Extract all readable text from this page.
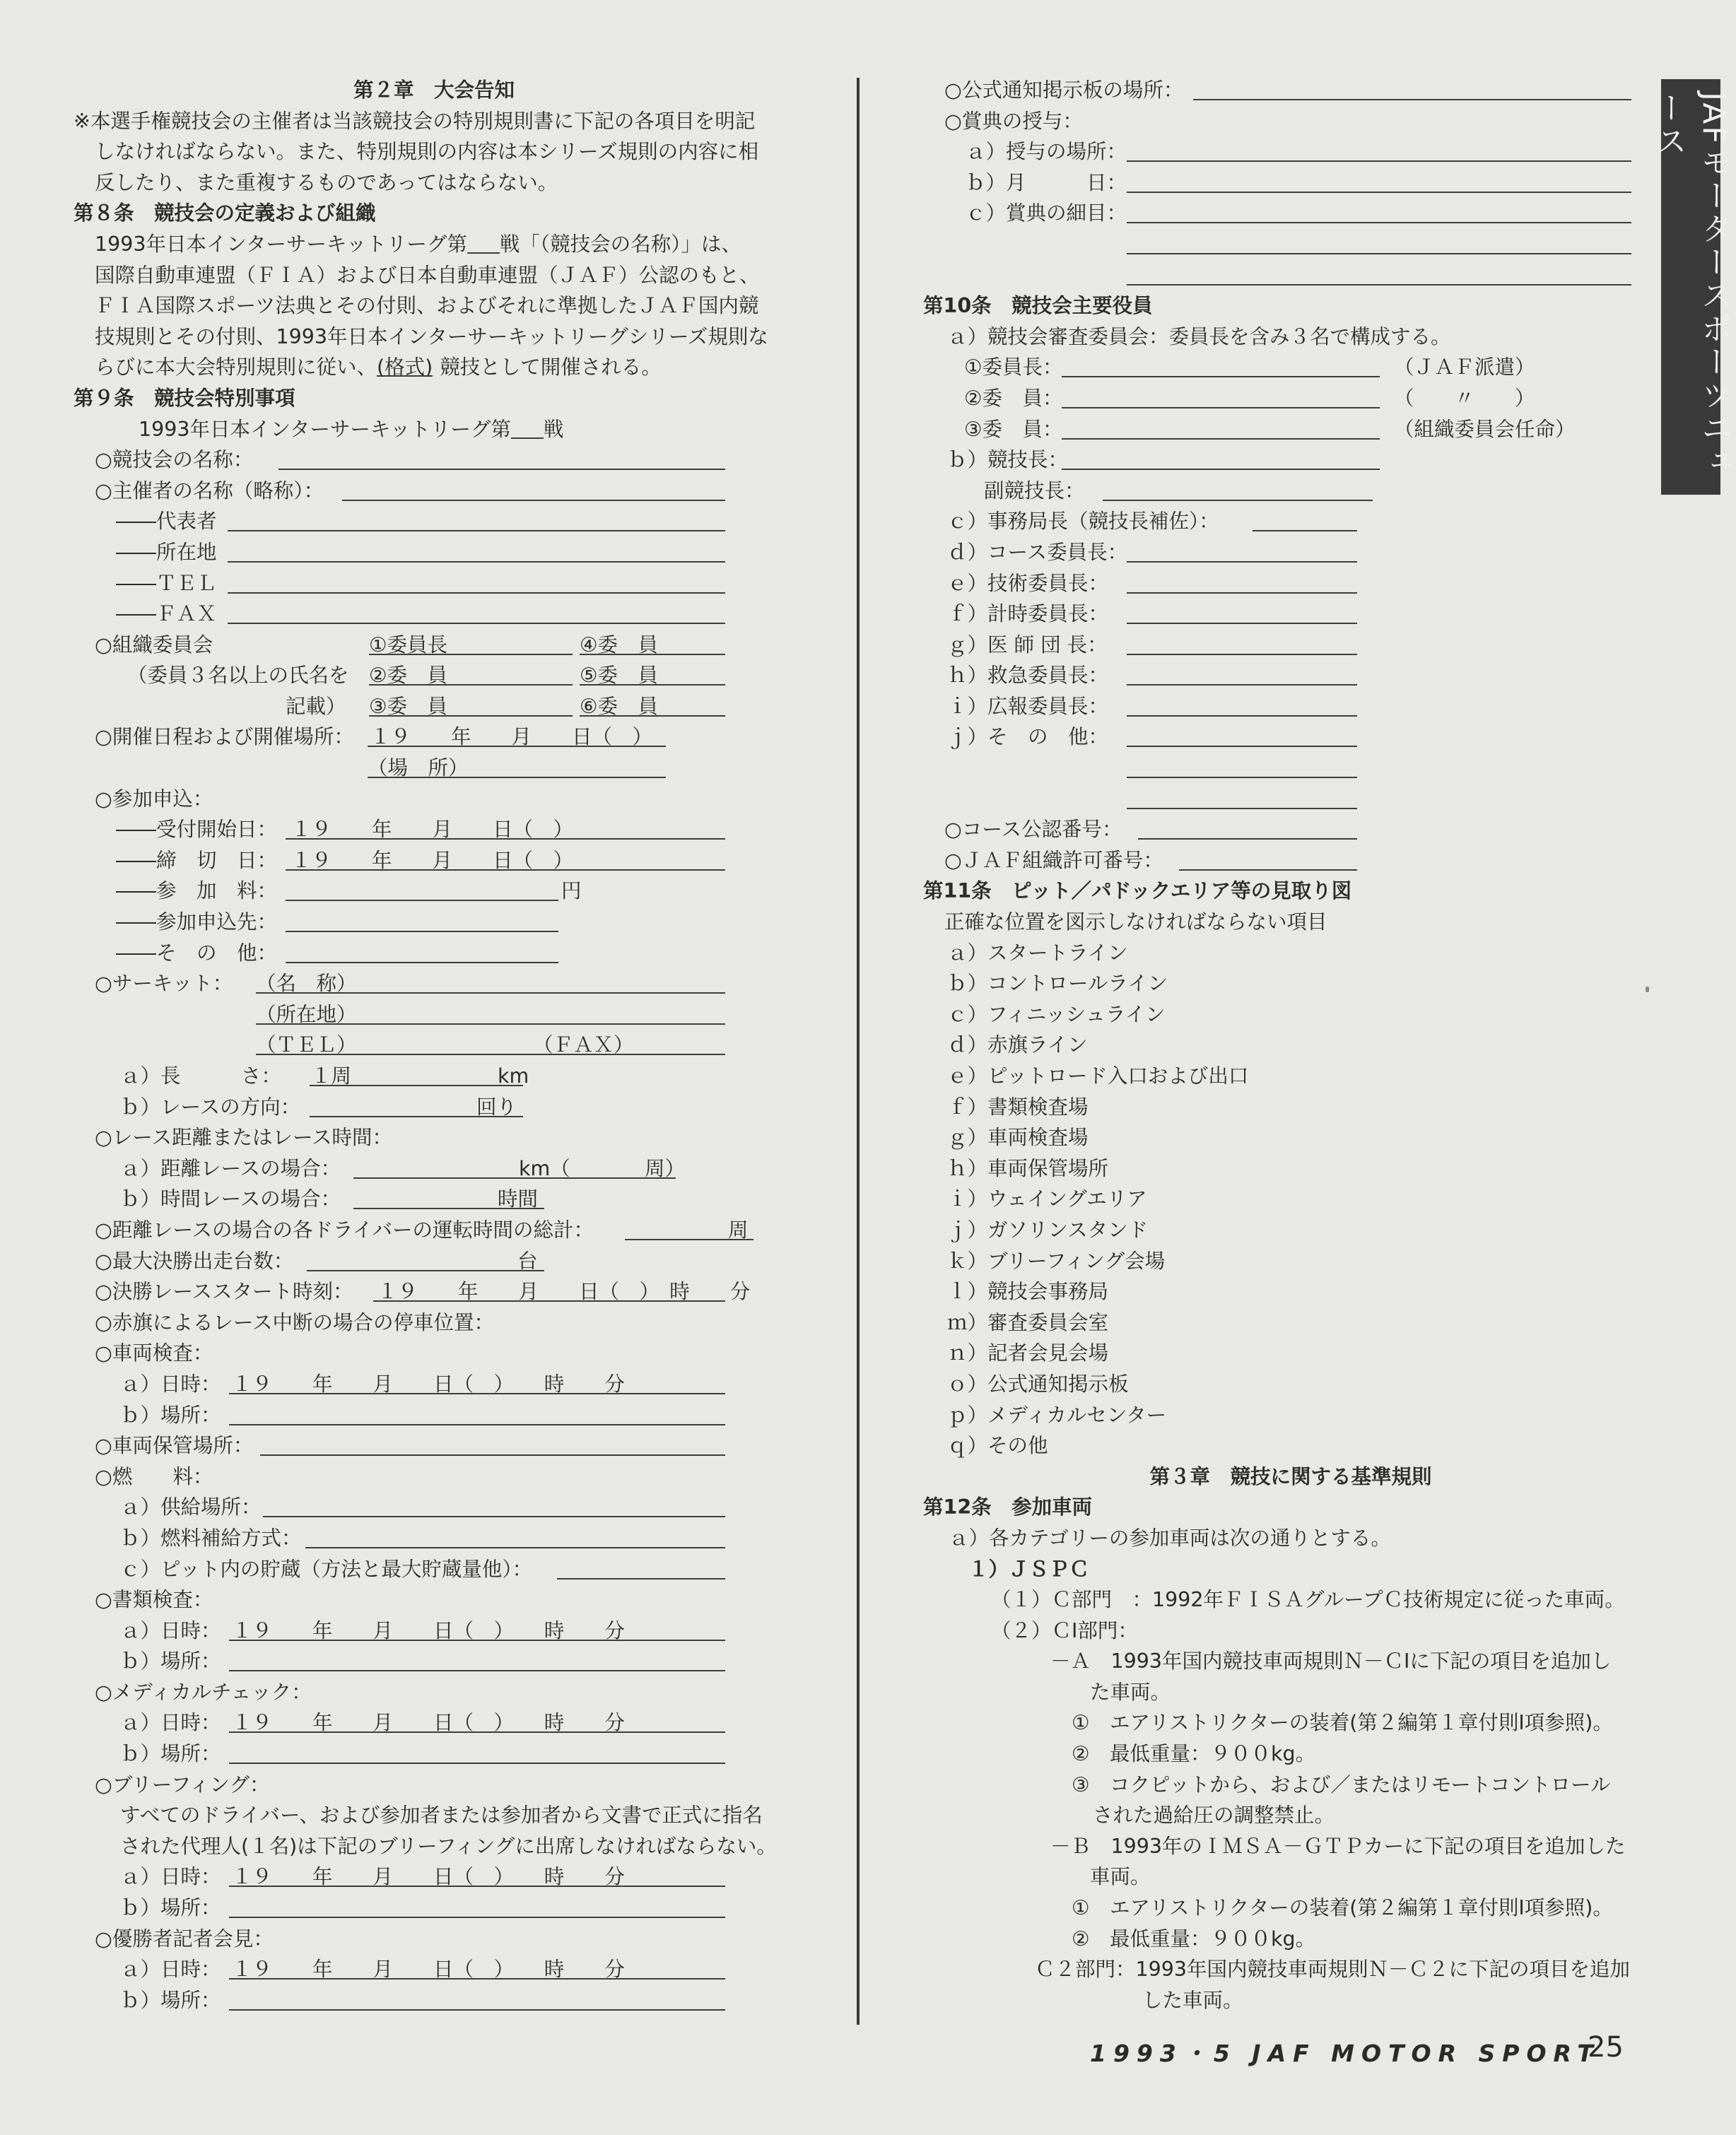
JAFモータースポーツニュース
第２章　大会告知
※本選手権競技会の主催者は当該競技会の特別規則書に下記の各項目を明記
しなければならない。また、特別規則の内容は本シリーズ規則の内容に相
反したり、また重複するものであってはならない。
第８条　競技会の定義および組織
1993年日本インターサーキットリーグ第 戦「（競技会の名称）」は、
国際自動車連盟（ＦＩＡ）および日本自動車連盟（ＪＡＦ）公認のもと、
ＦＩＡ国際スポーツ法典とその付則、およびそれに準拠したＪＡＦ国内競
技規則とその付則、1993年日本インターサーキットリーグシリーズ規則な
らびに本大会特別規則に従い、(格式) 競技として開催される。
第９条　競技会特別事項
1993年日本インターサーキットリーグ第 戦
○競技会の名称：
○主催者の名称（略称）：
――代表者
――所在地
――ＴＥＬ
――ＦＡＸ
○組織委員会	①委員長	④委　員
（委員３名以上の氏名を ②委　員	⑤委　員
記載） ③委　員	⑥委　員
○開催日程および開催場所： １９　　年　　月　　日（　）
（場　所）
○参加申込：
――受付開始日： １９　　年　　月　　日（　）
――締　切　日： １９　　年　　月　　日（　）
――参　加　料：	円
――参加申込先：
――そ　の　他：
○サーキット： （名　称）
（所在地）
（ＴＥＬ）	（ＦＡＸ）
ａ）長　　　さ： １周	km
ｂ）レースの方向：	回り
○レース距離またはレース時間：
ａ）距離レースの場合：	km（	周）
ｂ）時間レースの場合：	時間
○距離レースの場合の各ドライバーの運転時間の総計：	周
○最大決勝出走台数：	台
○決勝レーススタート時刻： １９　　年　　月　　日（　）　時　　分
○赤旗によるレース中断の場合の停車位置：
○車両検査：
ａ）日時： １９　　年　　月　　日（　）　　時　　分
ｂ）場所：
○車両保管場所：
○燃　　料：
ａ）供給場所：
ｂ）燃料補給方式：
ｃ）ピット内の貯蔵（方法と最大貯蔵量他）：
○書類検査：
ａ）日時： １９　　年　　月　　日（　）　　時　　分
ｂ）場所：
○メディカルチェック：
ａ）日時： １９　　年　　月　　日（　）　　時　　分
ｂ）場所：
○ブリーフィング：
すべてのドライバー、および参加者または参加者から文書で正式に指名
された代理人(１名)は下記のブリーフィングに出席しなければならない。
ａ）日時： １９　　年　　月　　日（　）　　時　　分
ｂ）場所：
○優勝者記者会見：
ａ）日時： １９　　年　　月　　日（　）　　時　　分
ｂ）場所：
○公式通知掲示板の場所：
○賞典の授与：
ａ）授与の場所：
ｂ）月　　　日：
ｃ）賞典の細目：
第10条　競技会主要役員
ａ）競技会審査委員会：委員長を含み３名で構成する。
①委員長：	（ＪＡＦ派遣）
②委　員：	（　　〃　　）
③委　員：	（組織委員会任命）
ｂ）競技長：
副競技長：
ｃ）事務局長（競技長補佐）：
ｄ）コース委員長：
ｅ）技術委員長：
ｆ）計時委員長：
ｇ）医 師 団 長：
ｈ）救急委員長：
ｉ）広報委員長：
ｊ）そ　の　他：
○コース公認番号：
○ＪＡＦ組織許可番号：
第11条　ピット／パドックエリア等の見取り図
正確な位置を図示しなければならない項目
ａ）スタートライン
ｂ）コントロールライン
ｃ）フィニッシュライン
ｄ）赤旗ライン
ｅ）ピットロード入口および出口
ｆ）書類検査場
ｇ）車両検査場
ｈ）車両保管場所
ｉ）ウェイングエリア
ｊ）ガソリンスタンド
ｋ）ブリーフィング会場
ｌ）競技会事務局
ｍ）審査委員会室
ｎ）記者会見会場
ｏ）公式通知掲示板
ｐ）メディカルセンター
ｑ）その他
第３章　競技に関する基準規則
第12条　参加車両
ａ）各カテゴリーの参加車両は次の通りとする。
１）ＪＳＰＣ
（１）Ｃ部門　：1992年ＦＩＳＡグループＣ技術規定に従った車両。
（２）ＣⅠ部門：
－Ａ　1993年国内競技車両規則Ｎ－ＣⅠに下記の項目を追加し
た車両。
①　エアリストリクターの装着(第２編第１章付則Ⅰ項参照)。
②　最低重量：９００kg。
③　コクピットから、および／またはリモートコントロール
された過給圧の調整禁止。
－Ｂ　1993年のＩＭＳＡ－ＧＴＰカーに下記の項目を追加した
車両。
①　エアリストリクターの装着(第２編第１章付則Ⅰ項参照)。
②　最低重量：９００kg。
Ｃ２部門：1993年国内競技車両規則Ｎ－Ｃ２に下記の項目を追加
した車両。
1993・5 JAF MOTOR SPORT
25
